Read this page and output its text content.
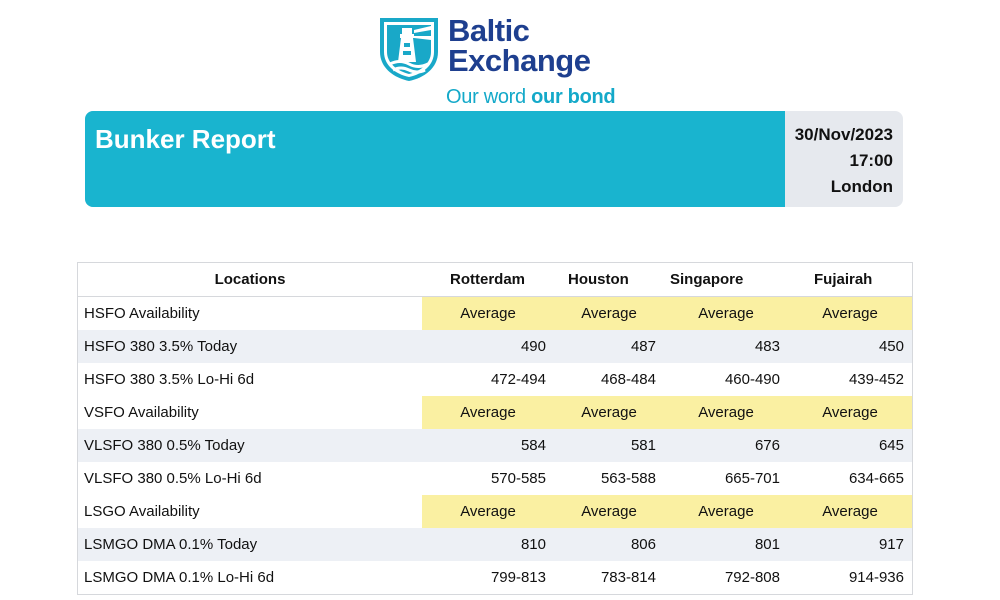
Baltic
Exchange
Our word our bond
Bunker Report	30/Nov/2023
17:00
London
Locations	Rotterdam	Houston	Singapore	Fujairah
HSFO Availability	Average	Average	Average	Average
HSFO 380 3.5% Today	490	487	483	450
HSFO 380 3.5% Lo-Hi 6d	472-494	468-484	460-490	439-452
VSFO Availability	Average	Average	Average	Average
VLSFO 380 0.5% Today	584	581	676	645
VLSFO 380 0.5% Lo-Hi 6d	570-585	563-588	665-701	634-665
LSGO Availability	Average	Average	Average	Average
LSMGO DMA 0.1% Today	810	806	801	917
LSMGO DMA 0.1% Lo-Hi 6d	799-813	783-814	792-808	914-936
